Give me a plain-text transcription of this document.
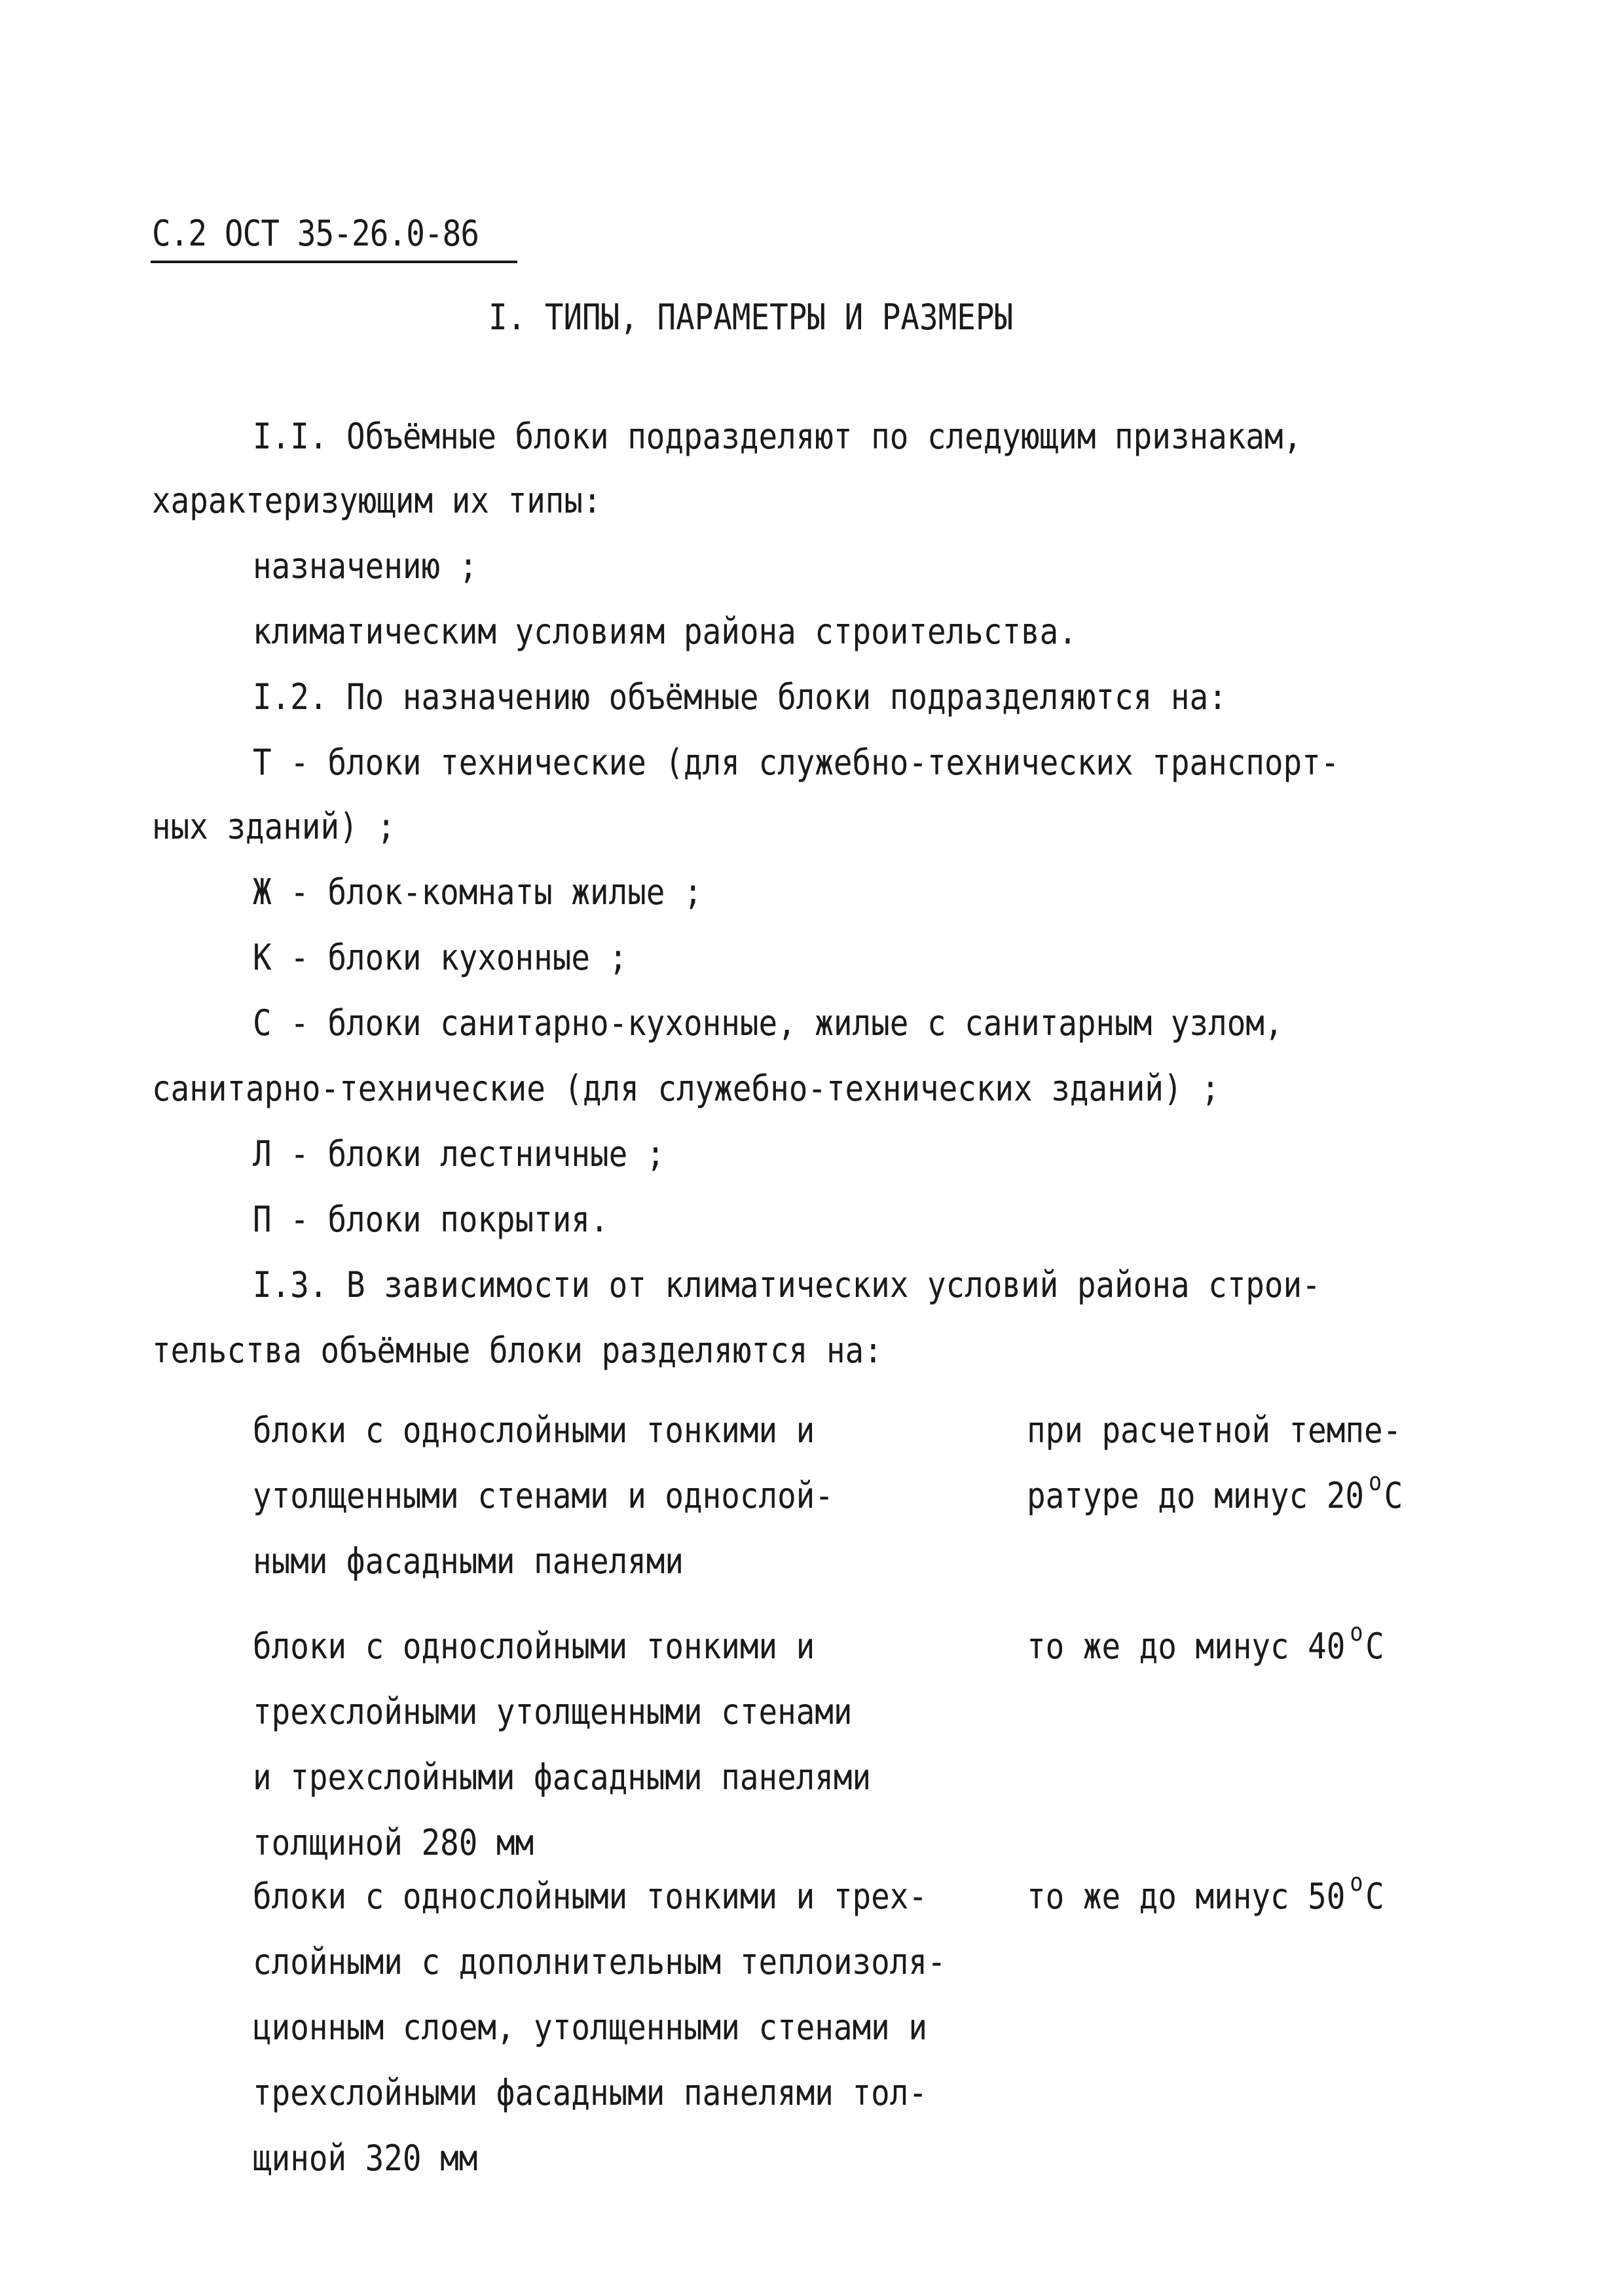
С.2 ОСТ 35-26.0-86
I. ТИПЫ, ПАРАМЕТРЫ И РАЗМЕРЫ
I.I. Объёмные блоки подразделяют по следующим признакам,
характеризующим их типы:
назначению ;
климатическим условиям района строительства.
I.2. По назначению объёмные блоки подразделяются на:
Т - блоки технические (для служебно-технических транспорт-
ных зданий) ;
Ж - блок-комнаты жилые ;
К - блоки кухонные ;
С - блоки санитарно-кухонные, жилые с санитарным узлом,
санитарно-технические (для служебно-технических зданий) ;
Л - блоки лестничные ;
П - блоки покрытия.
I.3. В зависимости от климатических условий района строи-
тельства объёмные блоки разделяются на:
блоки с однослойными тонкими и
утолщенными стенами и однослой-
ными фасадными панелями
при расчетной темпе-
ратуре до минус 20 $^о$С
блоки с однослойными тонкими и
трехслойными утолщенными стенами
и трехслойными фасадными панелями
толщиной 280 мм
то же до минус 40 $^о$С
блоки с однослойными тонкими и трех-
слойными с дополнительным теплоизоля-
ционным слоем, утолщенными стенами и
трехслойными фасадными панелями тол-
щиной 320 мм
то же до минус 50 $^о$С
